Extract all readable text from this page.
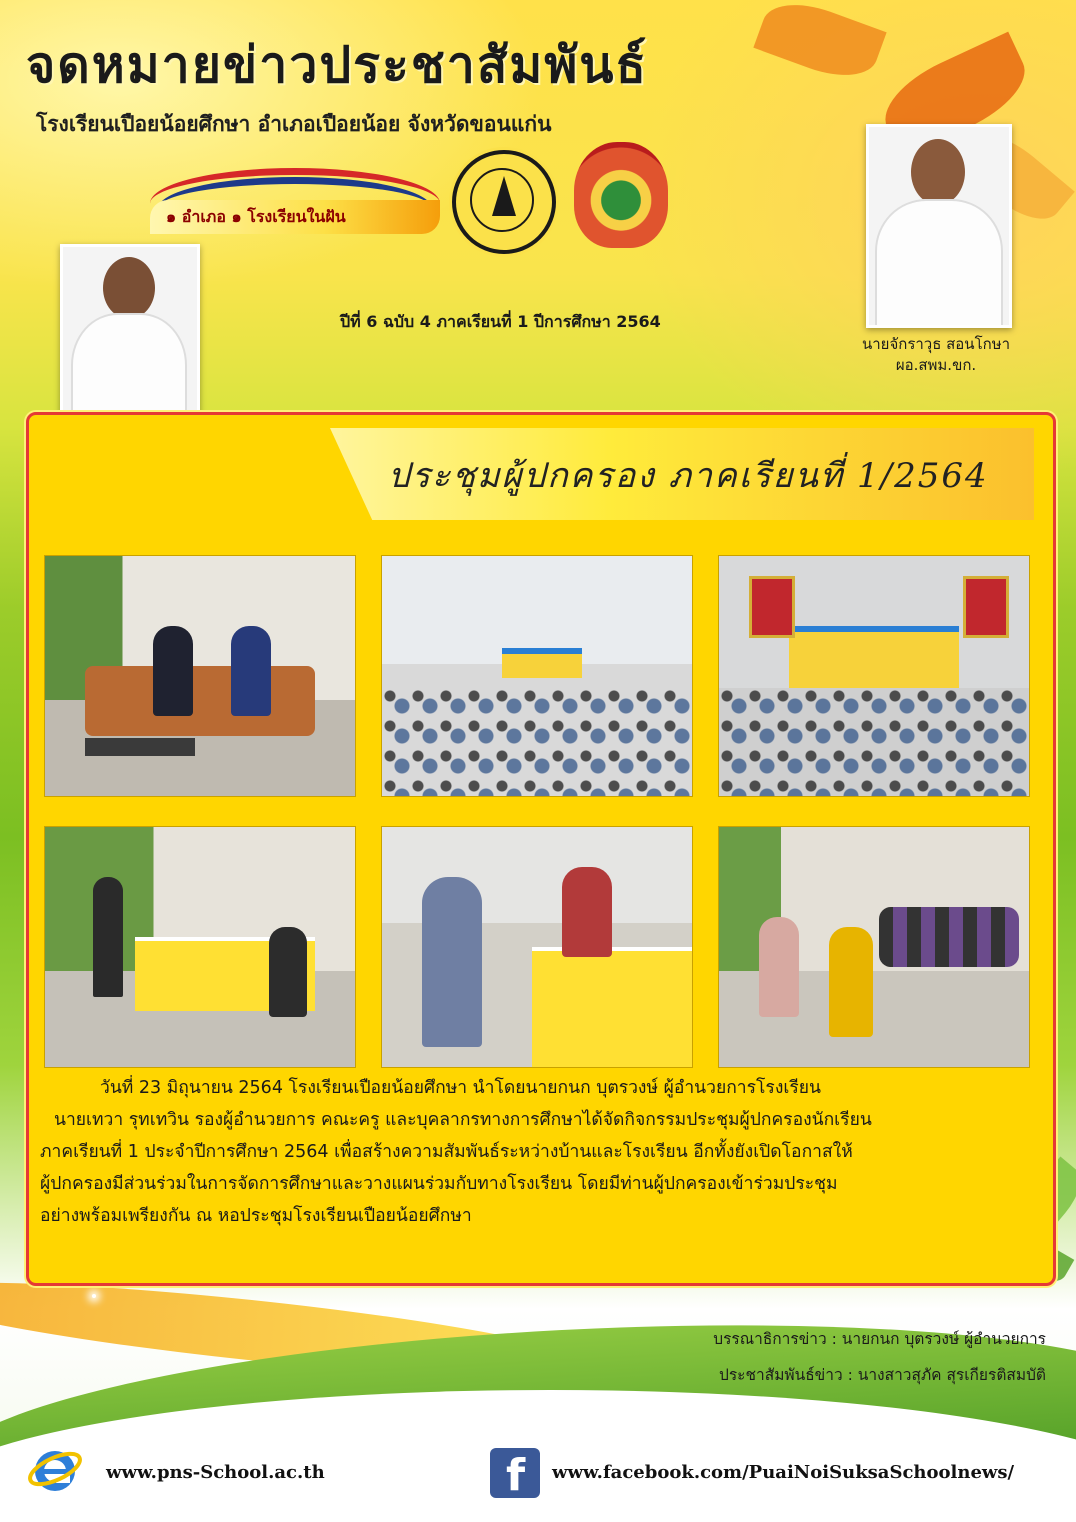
จดหมายข่าวประชาสัมพันธ์
โรงเรียนเปือยน้อยศึกษา อำเภอเปือยน้อย จังหวัดขอนแก่น
๑ อำเภอ ๑ โรงเรียนในฝัน
นายจักราวุธ สอนโกษา
ผอ.สพม.ขก.
ปีที่ 6 ฉบับ 4 ภาคเรียนที่ 1 ปีการศึกษา 2564
ประชุมผู้ปกครอง ภาคเรียนที่ 1/2564

วันที่ 23 มิถุนายน 2564 โรงเรียนเปือยน้อยศึกษา นำโดยนายกนก บุตรวงษ์ ผู้อำนวยการโรงเรียน

นายเทวา รุทเทวิน รองผู้อำนวยการ คณะครู และบุคลากรทางการศึกษาได้จัดกิจกรรมประชุมผู้ปกครองนักเรียน

ภาคเรียนที่ 1 ประจำปีการศึกษา 2564 เพื่อสร้างความสัมพันธ์ระหว่างบ้านและโรงเรียน อีกทั้งยังเปิดโอกาสให้

ผู้ปกครองมีส่วนร่วมในการจัดการศึกษาและวางแผนร่วมกับทางโรงเรียน โดยมีท่านผู้ปกครองเข้าร่วมประชุม

อย่างพร้อมเพรียงกัน ณ หอประชุมโรงเรียนเปือยน้อยศึกษา

บรรณาธิการข่าว : นายกนก บุตรวงษ์ ผู้อำนวยการ
ประชาสัมพันธ์ข่าว : นางสาวสุภัค สุรเกียรติสมบัติ
www.pns-School.ac.th	f www.facebook.com/PuaiNoiSuksaSchoolnews/
